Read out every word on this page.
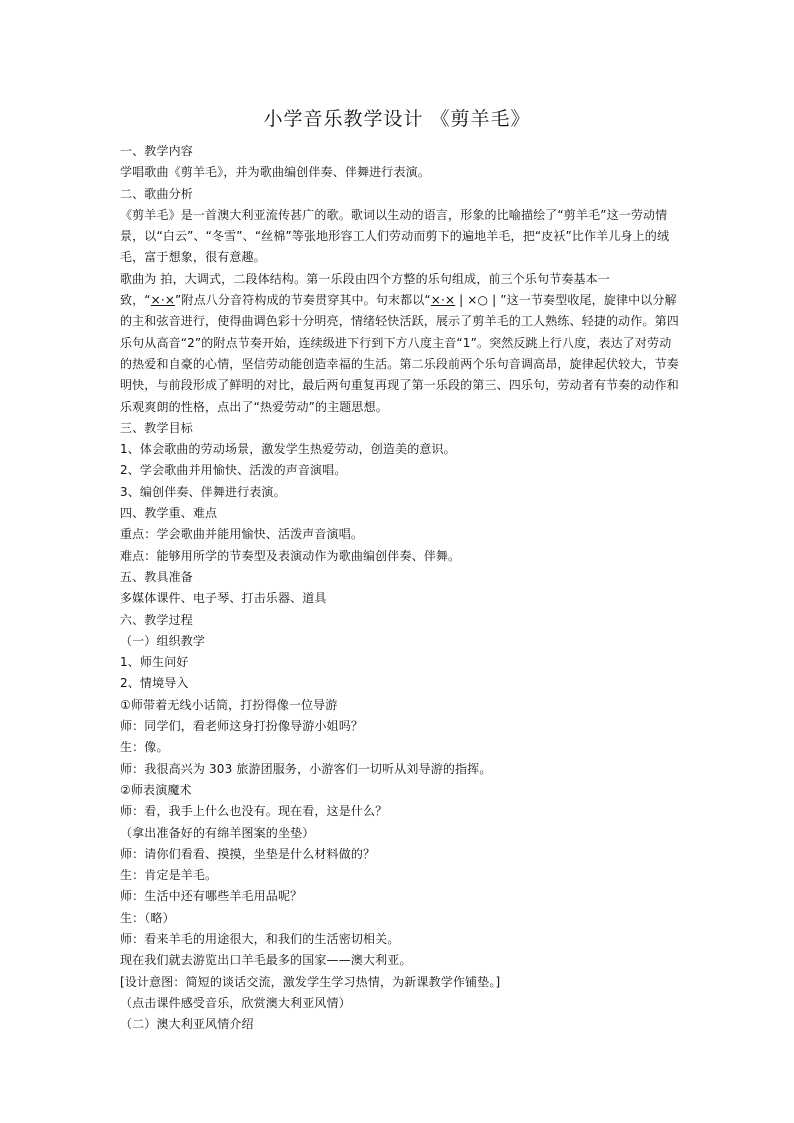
小学音乐教学设计 《剪羊毛》

一、教学内容

学唱歌曲《剪羊毛》，并为歌曲编创伴奏、伴舞进行表演。

二、歌曲分析

《剪羊毛》是一首澳大利亚流传甚广的歌。歌词以生动的语言，形象的比喻描绘了“剪羊毛”这一劳动情景，以“白云”、“冬雪”、“丝棉”等张地形容工人们劳动而剪下的遍地羊毛，把“皮袄”比作羊儿身上的绒毛，富于想象，很有意趣。

歌曲为 拍，大调式，二段体结构。第一乐段由四个方整的乐句组成，前三个乐句节奏基本一致，“×·×”附点八分音符构成的节奏贯穿其中。句末都以“×·× | ×○ | ”这一节奏型收尾，旋律中以分解的主和弦音进行，使得曲调色彩十分明亮，情绪轻快活跃，展示了剪羊毛的工人熟练、轻捷的动作。第四乐句从高音“2”的附点节奏开始，连续级进下行到下方八度主音“1”。突然反跳上行八度，表达了对劳动的热爱和自豪的心情，坚信劳动能创造幸福的生活。第二乐段前两个乐句音调高昂，旋律起伏较大，节奏明快，与前段形成了鲜明的对比，最后两句重复再现了第一乐段的第三、四乐句，劳动者有节奏的动作和乐观爽朗的性格，点出了“热爱劳动”的主题思想。

三、教学目标

1、体会歌曲的劳动场景，激发学生热爱劳动，创造美的意识。

2、学会歌曲并用愉快、活泼的声音演唱。

3、编创伴奏、伴舞进行表演。

四、教学重、难点

重点：学会歌曲并能用愉快、活泼声音演唱。

难点：能够用所学的节奏型及表演动作为歌曲编创伴奏、伴舞。

五、教具准备

多媒体课件、电子琴、打击乐器、道具

六、教学过程

（一）组织教学

1、师生问好

2、情境导入

①师带着无线小话筒，打扮得像一位导游

师：同学们，看老师这身打扮像导游小姐吗？

生：像。

师：我很高兴为 303 旅游团服务，小游客们一切听从刘导游的指挥。

②师表演魔术

师：看，我手上什么也没有。现在看，这是什么？

（拿出准备好的有绵羊图案的坐垫）

师：请你们看看、摸摸，坐垫是什么材料做的？

生：肯定是羊毛。

师：生活中还有哪些羊毛用品呢？

生：（略）

师：看来羊毛的用途很大，和我们的生活密切相关。

现在我们就去游览出口羊毛最多的国家——澳大利亚。

[设计意图：简短的谈话交流，激发学生学习热情，为新课教学作铺垫。]

（点击课件感受音乐，欣赏澳大利亚风情）

（二）澳大利亚风情介绍
